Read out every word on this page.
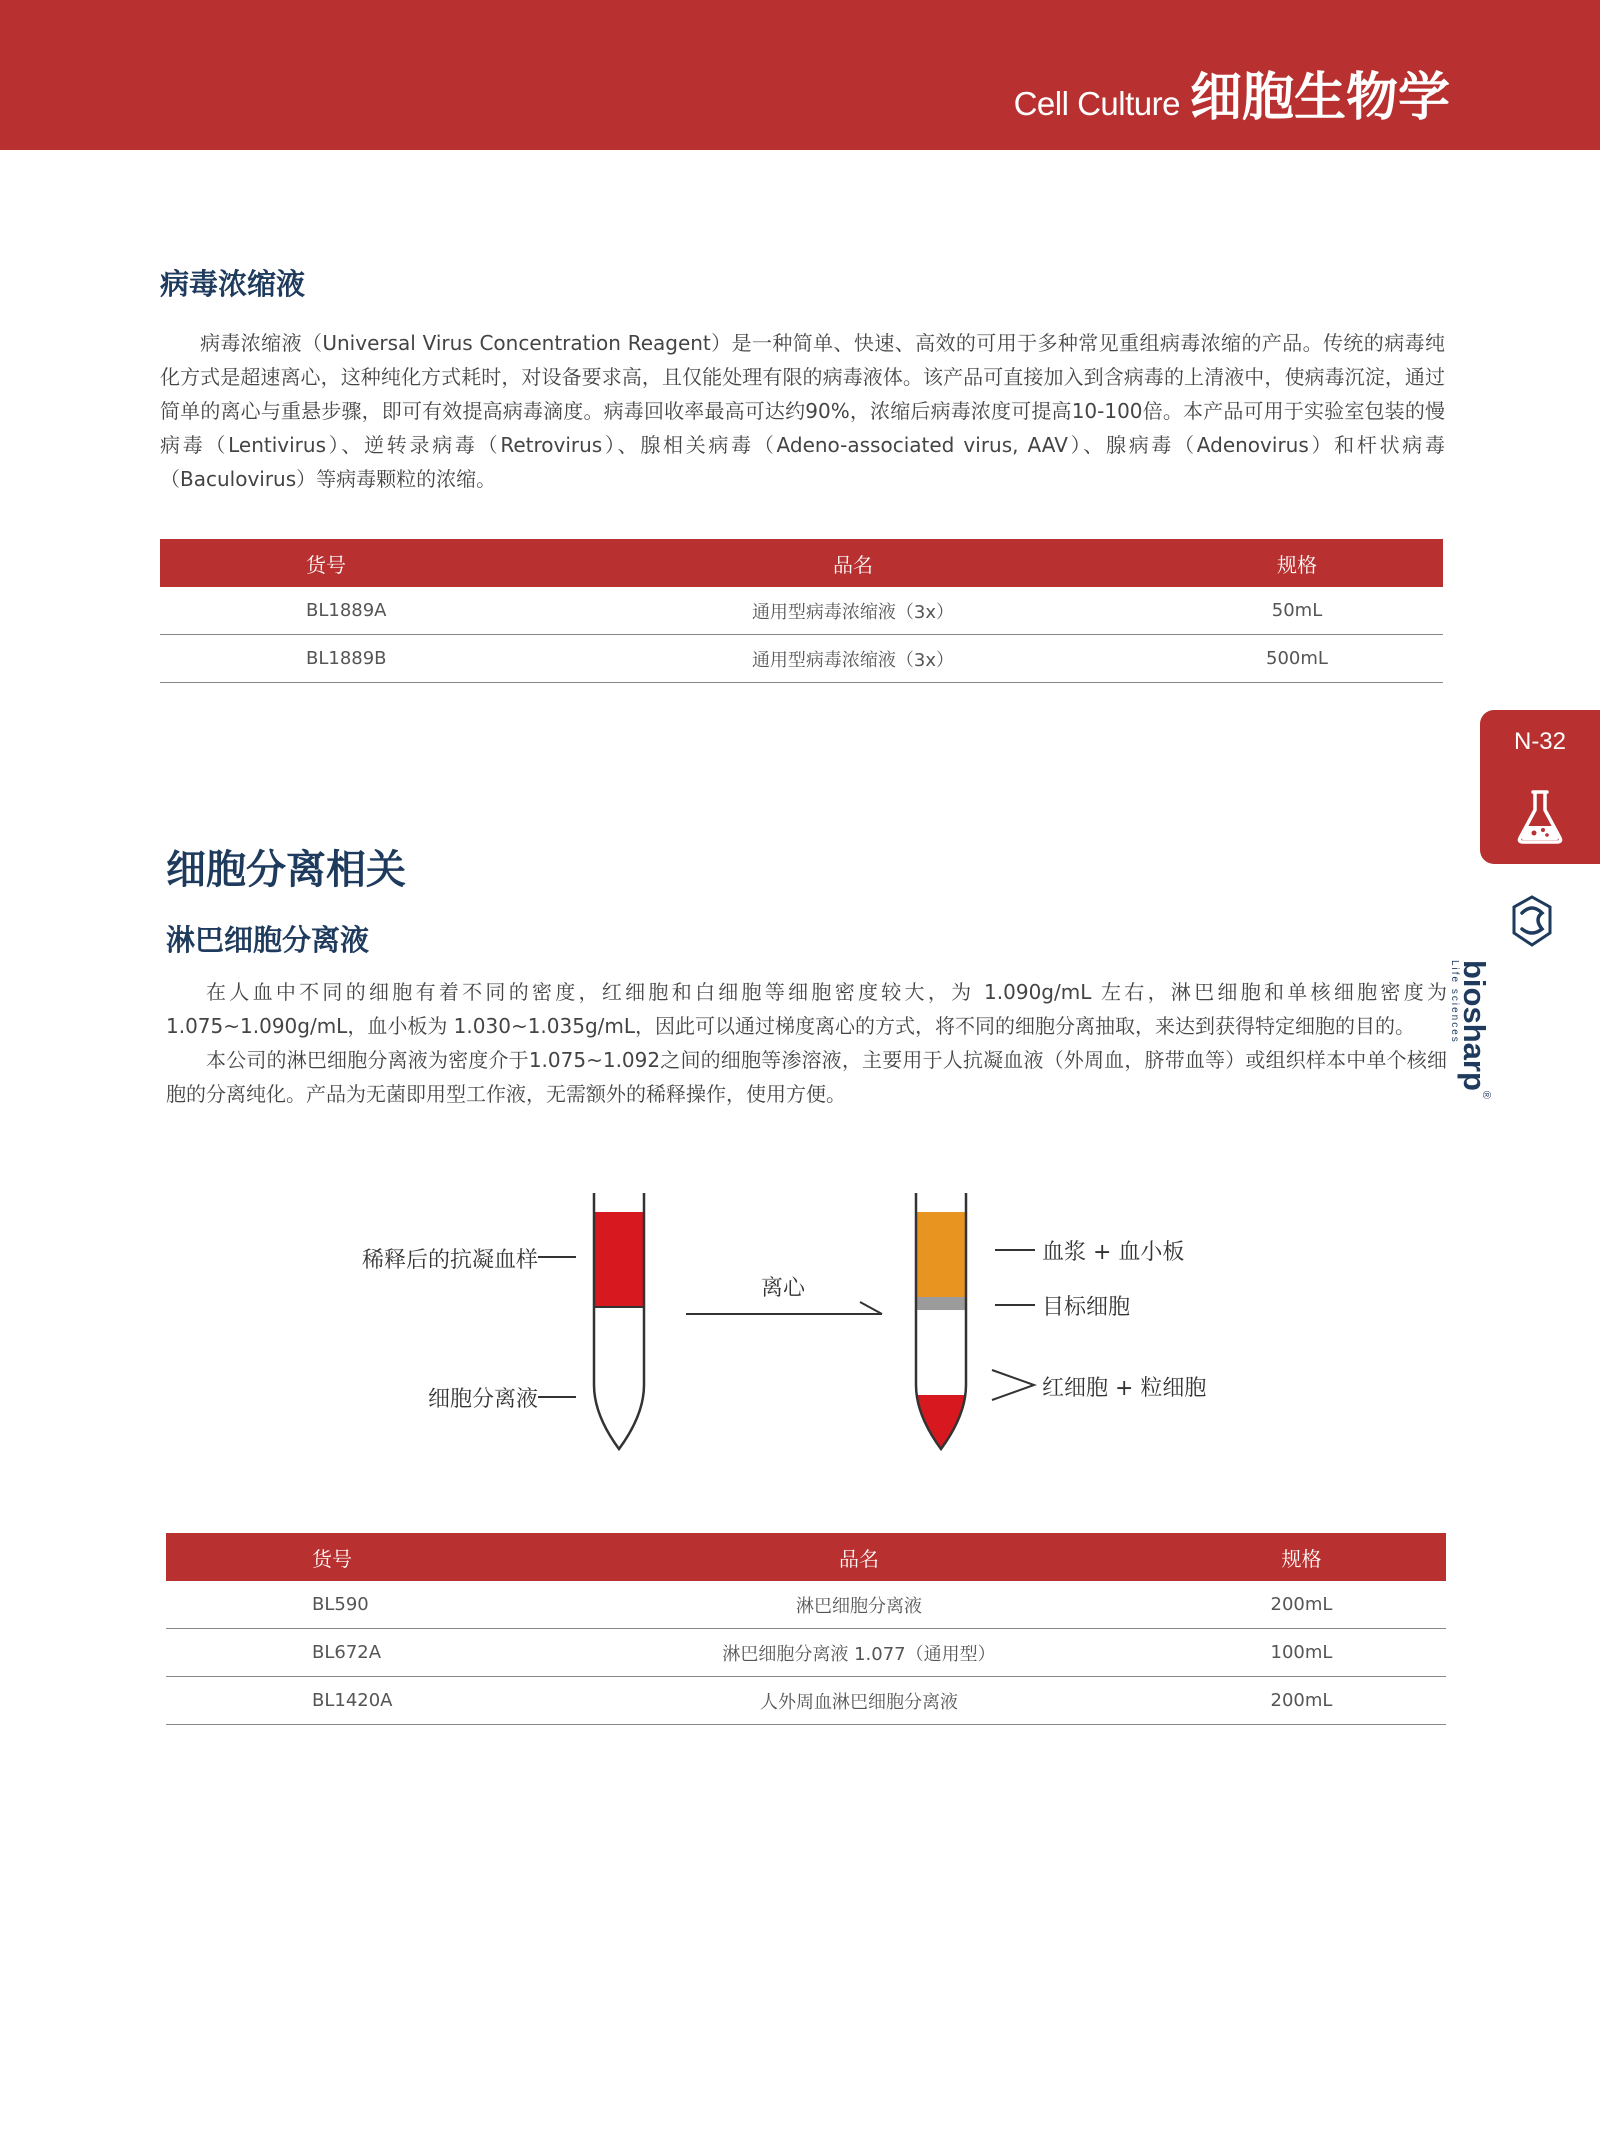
Cell Culture 细胞生物学
病毒浓缩液

病毒浓缩液（Universal Virus Concentration Reagent）是一种简单、快速、高效的可用于多种常见重组病毒浓缩的产品。传统的病毒纯化方式是超速离心，这种纯化方式耗时，对设备要求高，且仅能处理有限的病毒液体。该产品可直接加入到含病毒的上清液中，使病毒沉淀，通过简单的离心与重悬步骤，即可有效提高病毒滴度。病毒回收率最高可达约90%，浓缩后病毒浓度可提高10-100倍。本产品可用于实验室包装的慢病毒（Lentivirus）、逆转录病毒（Retrovirus）、腺相关病毒（Adeno-associated virus, AAV）、腺病毒（Adenovirus）和杆状病毒（Baculovirus）等病毒颗粒的浓缩。

货号	品名	规格
BL1889A	通用型病毒浓缩液（3x）	50mL
BL1889B	通用型病毒浓缩液（3x）	500mL
N-32
biosharp®
Life sciences
细胞分离相关
淋巴细胞分离液

在人血中不同的细胞有着不同的密度，红细胞和白细胞等细胞密度较大，为 1.090g/mL 左右，淋巴细胞和单核细胞密度为 1.075~1.090g/mL，血小板为 1.030~1.035g/mL，因此可以通过梯度离心的方式，将不同的细胞分离抽取，来达到获得特定细胞的目的。

本公司的淋巴细胞分离液为密度介于1.075~1.092之间的细胞等渗溶液，主要用于人抗凝血液（外周血，脐带血等）或组织样本中单个核细胞的分离纯化。产品为无菌即用型工作液，无需额外的稀释操作，使用方便。

稀释后的抗凝血样
细胞分离液
离心
血浆 + 血小板
目标细胞
红细胞 + 粒细胞
货号	品名	规格
BL590	淋巴细胞分离液	200mL
BL672A	淋巴细胞分离液 1.077（通用型）	100mL
BL1420A	人外周血淋巴细胞分离液	200mL
